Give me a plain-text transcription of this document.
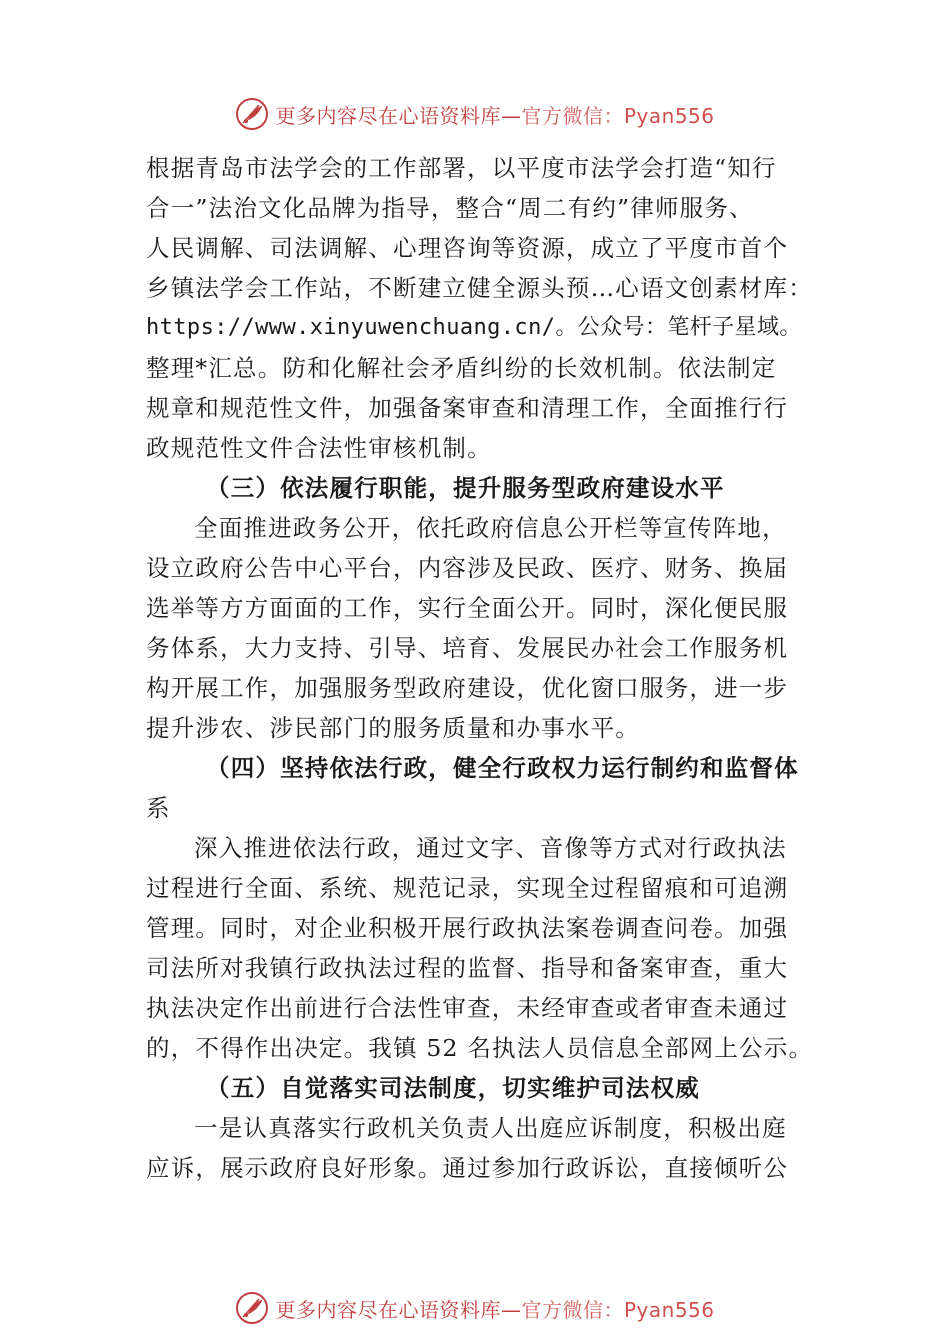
更多内容尽在心语资料库—官方微信：Pyan556
根据青岛市法学会的工作部署，以平度市法学会打造“知行
合一”法治文化品牌为指导，整合“周二有约”律师服务、
人民调解、司法调解、心理咨询等资源，成立了平度市首个
乡镇法学会工作站，不断建立健全源头预…心语文创素材库：
https://www.xinyuwenchuang.cn/。公众号：笔杆子星域。
整理*汇总。防和化解社会矛盾纠纷的长效机制。依法制定
规章和规范性文件，加强备案审查和清理工作，全面推行行
政规范性文件合法性审核机制。
（三）依法履行职能，提升服务型政府建设水平
全面推进政务公开，依托政府信息公开栏等宣传阵地，
设立政府公告中心平台，内容涉及民政、医疗、财务、换届
选举等方方面面的工作，实行全面公开。同时，深化便民服
务体系，大力支持、引导、培育、发展民办社会工作服务机
构开展工作，加强服务型政府建设，优化窗口服务，进一步
提升涉农、涉民部门的服务质量和办事水平。
（四）坚持依法行政，健全行政权力运行制约和监督体
系
深入推进依法行政，通过文字、音像等方式对行政执法
过程进行全面、系统、规范记录，实现全过程留痕和可追溯
管理。同时，对企业积极开展行政执法案卷调查问卷。加强
司法所对我镇行政执法过程的监督、指导和备案审查，重大
执法决定作出前进行合法性审查，未经审查或者审查未通过
的，不得作出决定。我镇 52 名执法人员信息全部网上公示。
（五）自觉落实司法制度，切实维护司法权威
一是认真落实行政机关负责人出庭应诉制度，积极出庭
应诉，展示政府良好形象。通过参加行政诉讼，直接倾听公
更多内容尽在心语资料库—官方微信：Pyan556
